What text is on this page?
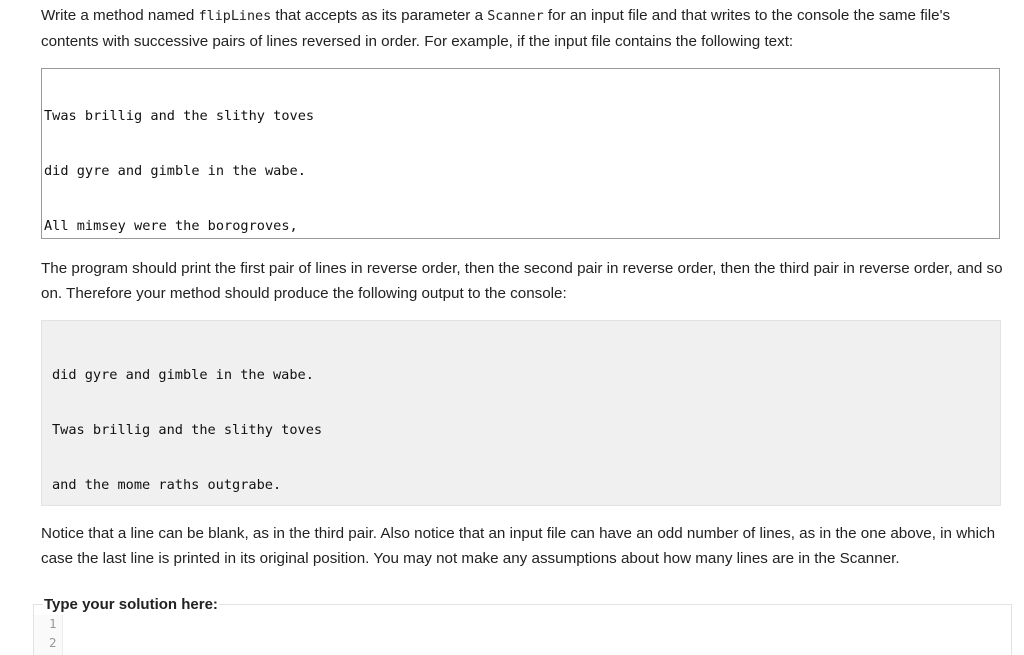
Write a method named flipLines that accepts as its parameter a Scanner for an input file and that writes to the console the same file's contents with successive pairs of lines reversed in order. For example, if the input file contains the following text:

Twas brillig and the slithy toves

did gyre and gimble in the wabe.

All mimsey were the borogroves,

The program should print the first pair of lines in reverse order, then the second pair in reverse order, then the third pair in reverse order, and so on. Therefore your method should produce the following output to the console:

did gyre and gimble in the wabe.

Twas brillig and the slithy toves

and the mome raths outgrabe.

Notice that a line can be blank, as in the third pair. Also notice that an input file can have an odd number of lines, as in the one above, in which case the last line is printed in its original position. You may not make any assumptions about how many lines are in the Scanner.

Type your solution here:
1
2
